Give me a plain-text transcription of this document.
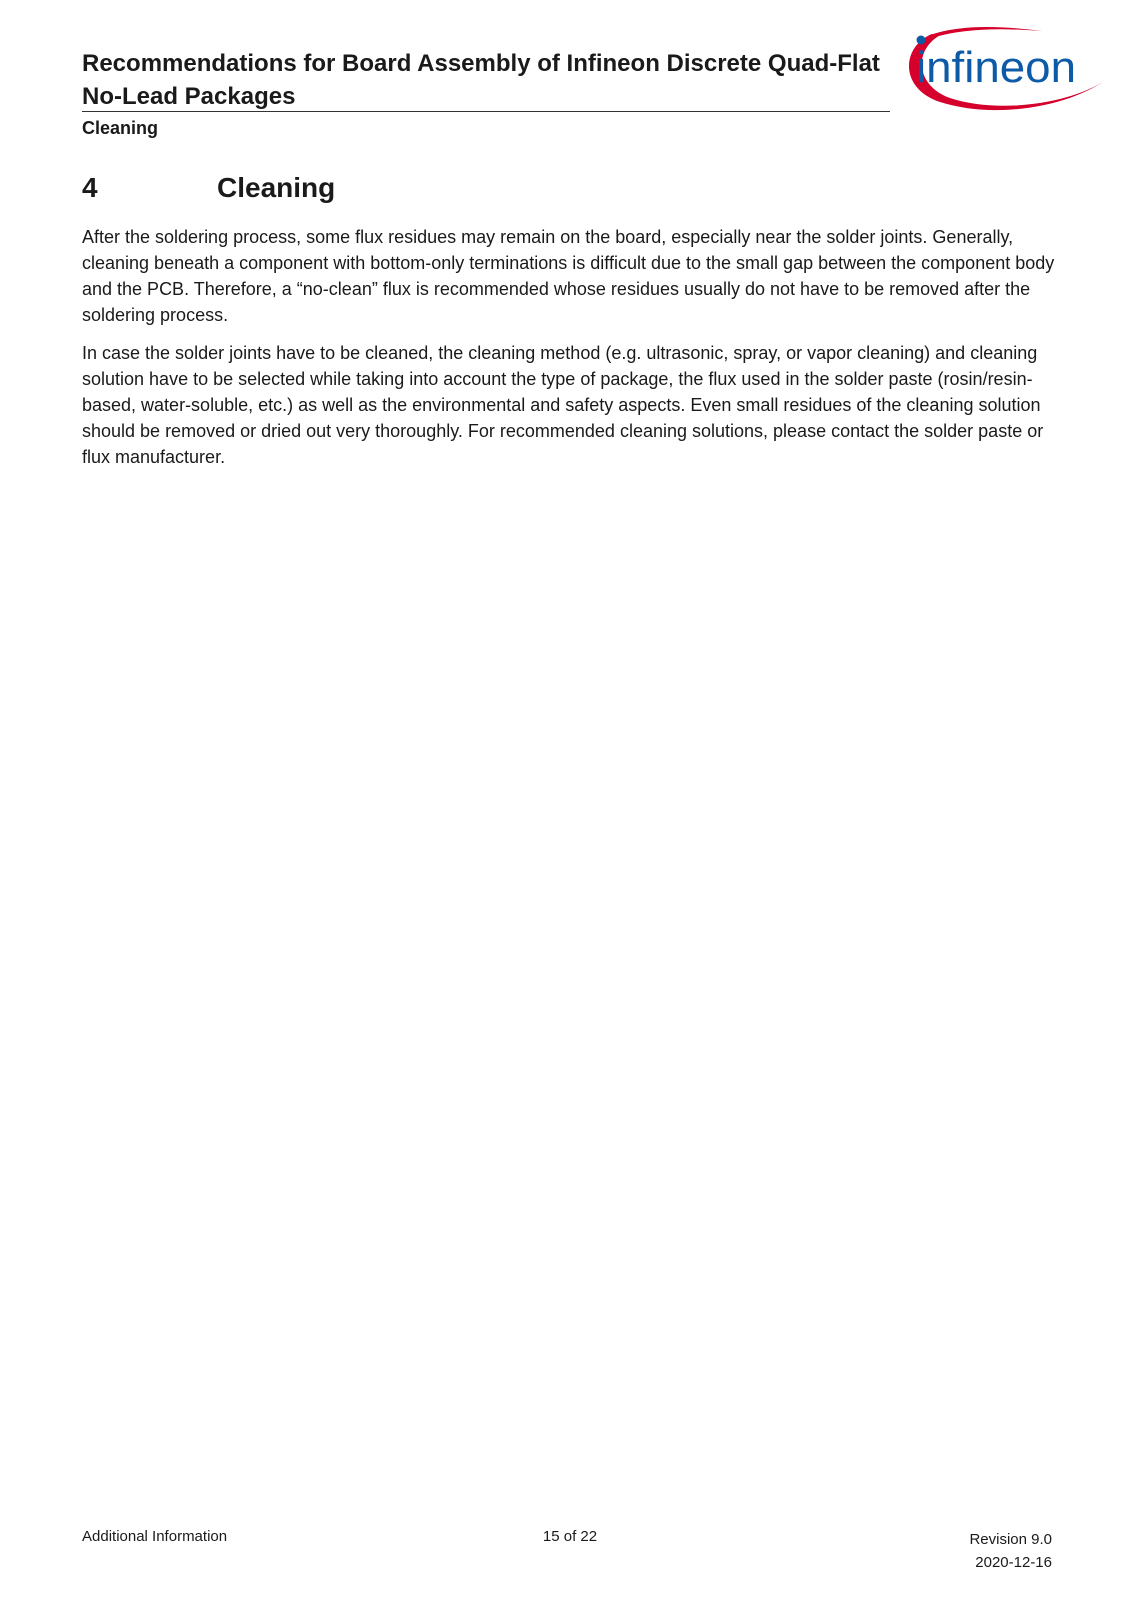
Recommendations for Board Assembly of Infineon Discrete Quad-Flat No-Lead Packages
Cleaning
infineon
4	Cleaning

After the soldering process, some flux residues may remain on the board, especially near the solder joints. Generally, cleaning beneath a component with bottom-only terminations is difficult due to the small gap between the component body and the PCB. Therefore, a “no-clean” flux is recommended whose residues usually do not have to be removed after the soldering process.

In case the solder joints have to be cleaned, the cleaning method (e.g. ultrasonic, spray, or vapor cleaning) and cleaning solution have to be selected while taking into account the type of package, the flux used in the solder paste (rosin/resin-based, water-soluble, etc.) as well as the environmental and safety aspects. Even small residues of the cleaning solution should be removed or dried out very thoroughly. For recommended cleaning solutions, please contact the solder paste or flux manufacturer.

Additional Information	15 of 22	Revision 9.0
2020-12-16
